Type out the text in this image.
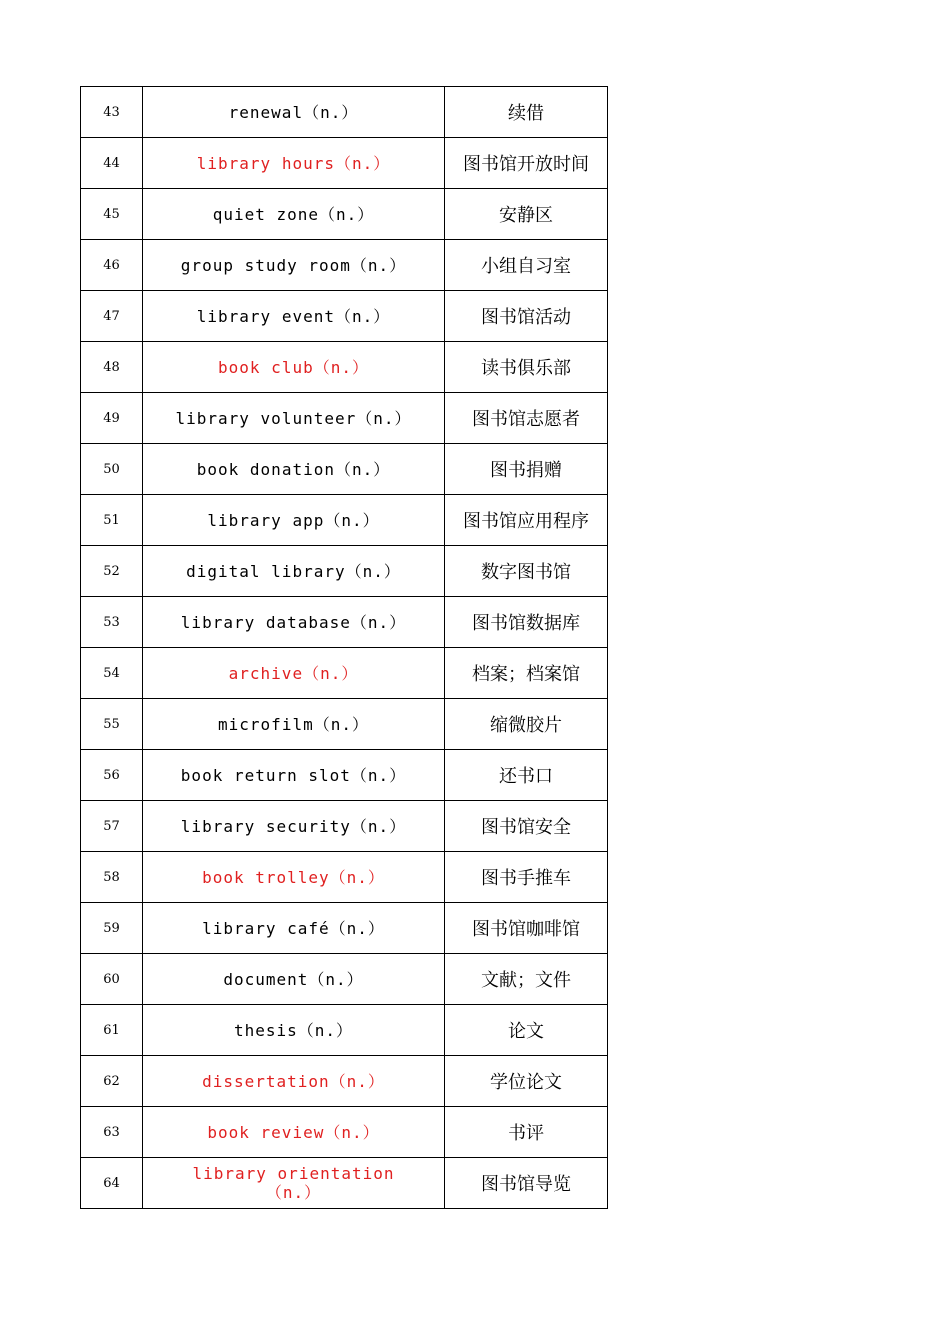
43	renewal（n.）	续借
44	library hours（n.）	图书馆开放时间
45	quiet zone（n.）	安静区
46	group study room（n.）	小组自习室
47	library event（n.）	图书馆活动
48	book club（n.）	读书俱乐部
49	library volunteer（n.）	图书馆志愿者
50	book donation（n.）	图书捐赠
51	library app（n.）	图书馆应用程序
52	digital library（n.）	数字图书馆
53	library database（n.）	图书馆数据库
54	archive（n.）	档案；档案馆
55	microfilm（n.）	缩微胶片
56	book return slot（n.）	还书口
57	library security（n.）	图书馆安全
58	book trolley（n.）	图书手推车
59	library café（n.）	图书馆咖啡馆
60	document（n.）	文献；文件
61	thesis（n.）	论文
62	dissertation（n.）	学位论文
63	book review（n.）	书评
64	library orientation（n.）	图书馆导览
